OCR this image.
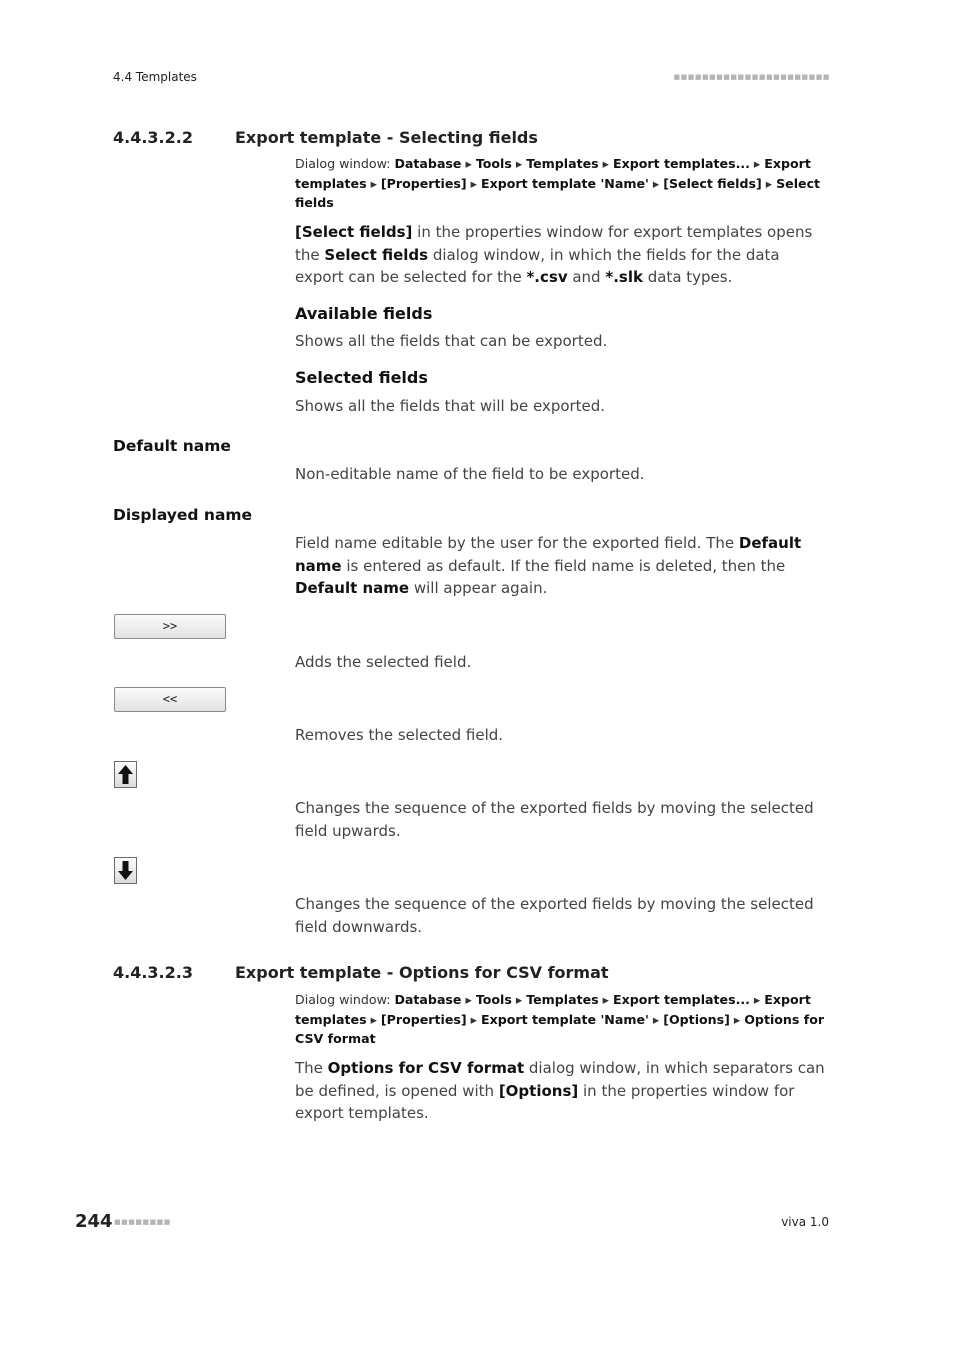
4.4 Templates	■■■■■■■■■■■■■■■■■■■■■■
4.4.3.2.2	Export template - Selecting fields
Dialog window: Database ▸ Tools ▸ Templates ▸ Export templates... ▸ Export templates ▸ [Properties] ▸ Export template 'Name' ▸ [Select fields] ▸ Select fields
[Select fields] in the properties window for export templates opens the Select fields dialog window, in which the fields for the data export can be selected for the *.csv and *.slk data types.
Available fields
Shows all the fields that can be exported.
Selected fields
Shows all the fields that will be exported.
Default name
Non-editable name of the field to be exported.
Displayed name
Field name editable by the user for the exported field. The Default name is entered as default. If the field name is deleted, then the Default name will appear again.
>>
Adds the selected field.
<<
Removes the selected field.
Changes the sequence of the exported fields by moving the selected field upwards.
Changes the sequence of the exported fields by moving the selected field downwards.
4.4.3.2.3	Export template - Options for CSV format
Dialog window: Database ▸ Tools ▸ Templates ▸ Export templates... ▸ Export templates ▸ [Properties] ▸ Export template 'Name' ▸ [Options] ▸ Options for CSV format
The Options for CSV format dialog window, in which separators can be defined, is opened with [Options] in the properties window for export templates.
244 ■■■■■■■■	viva 1.0
